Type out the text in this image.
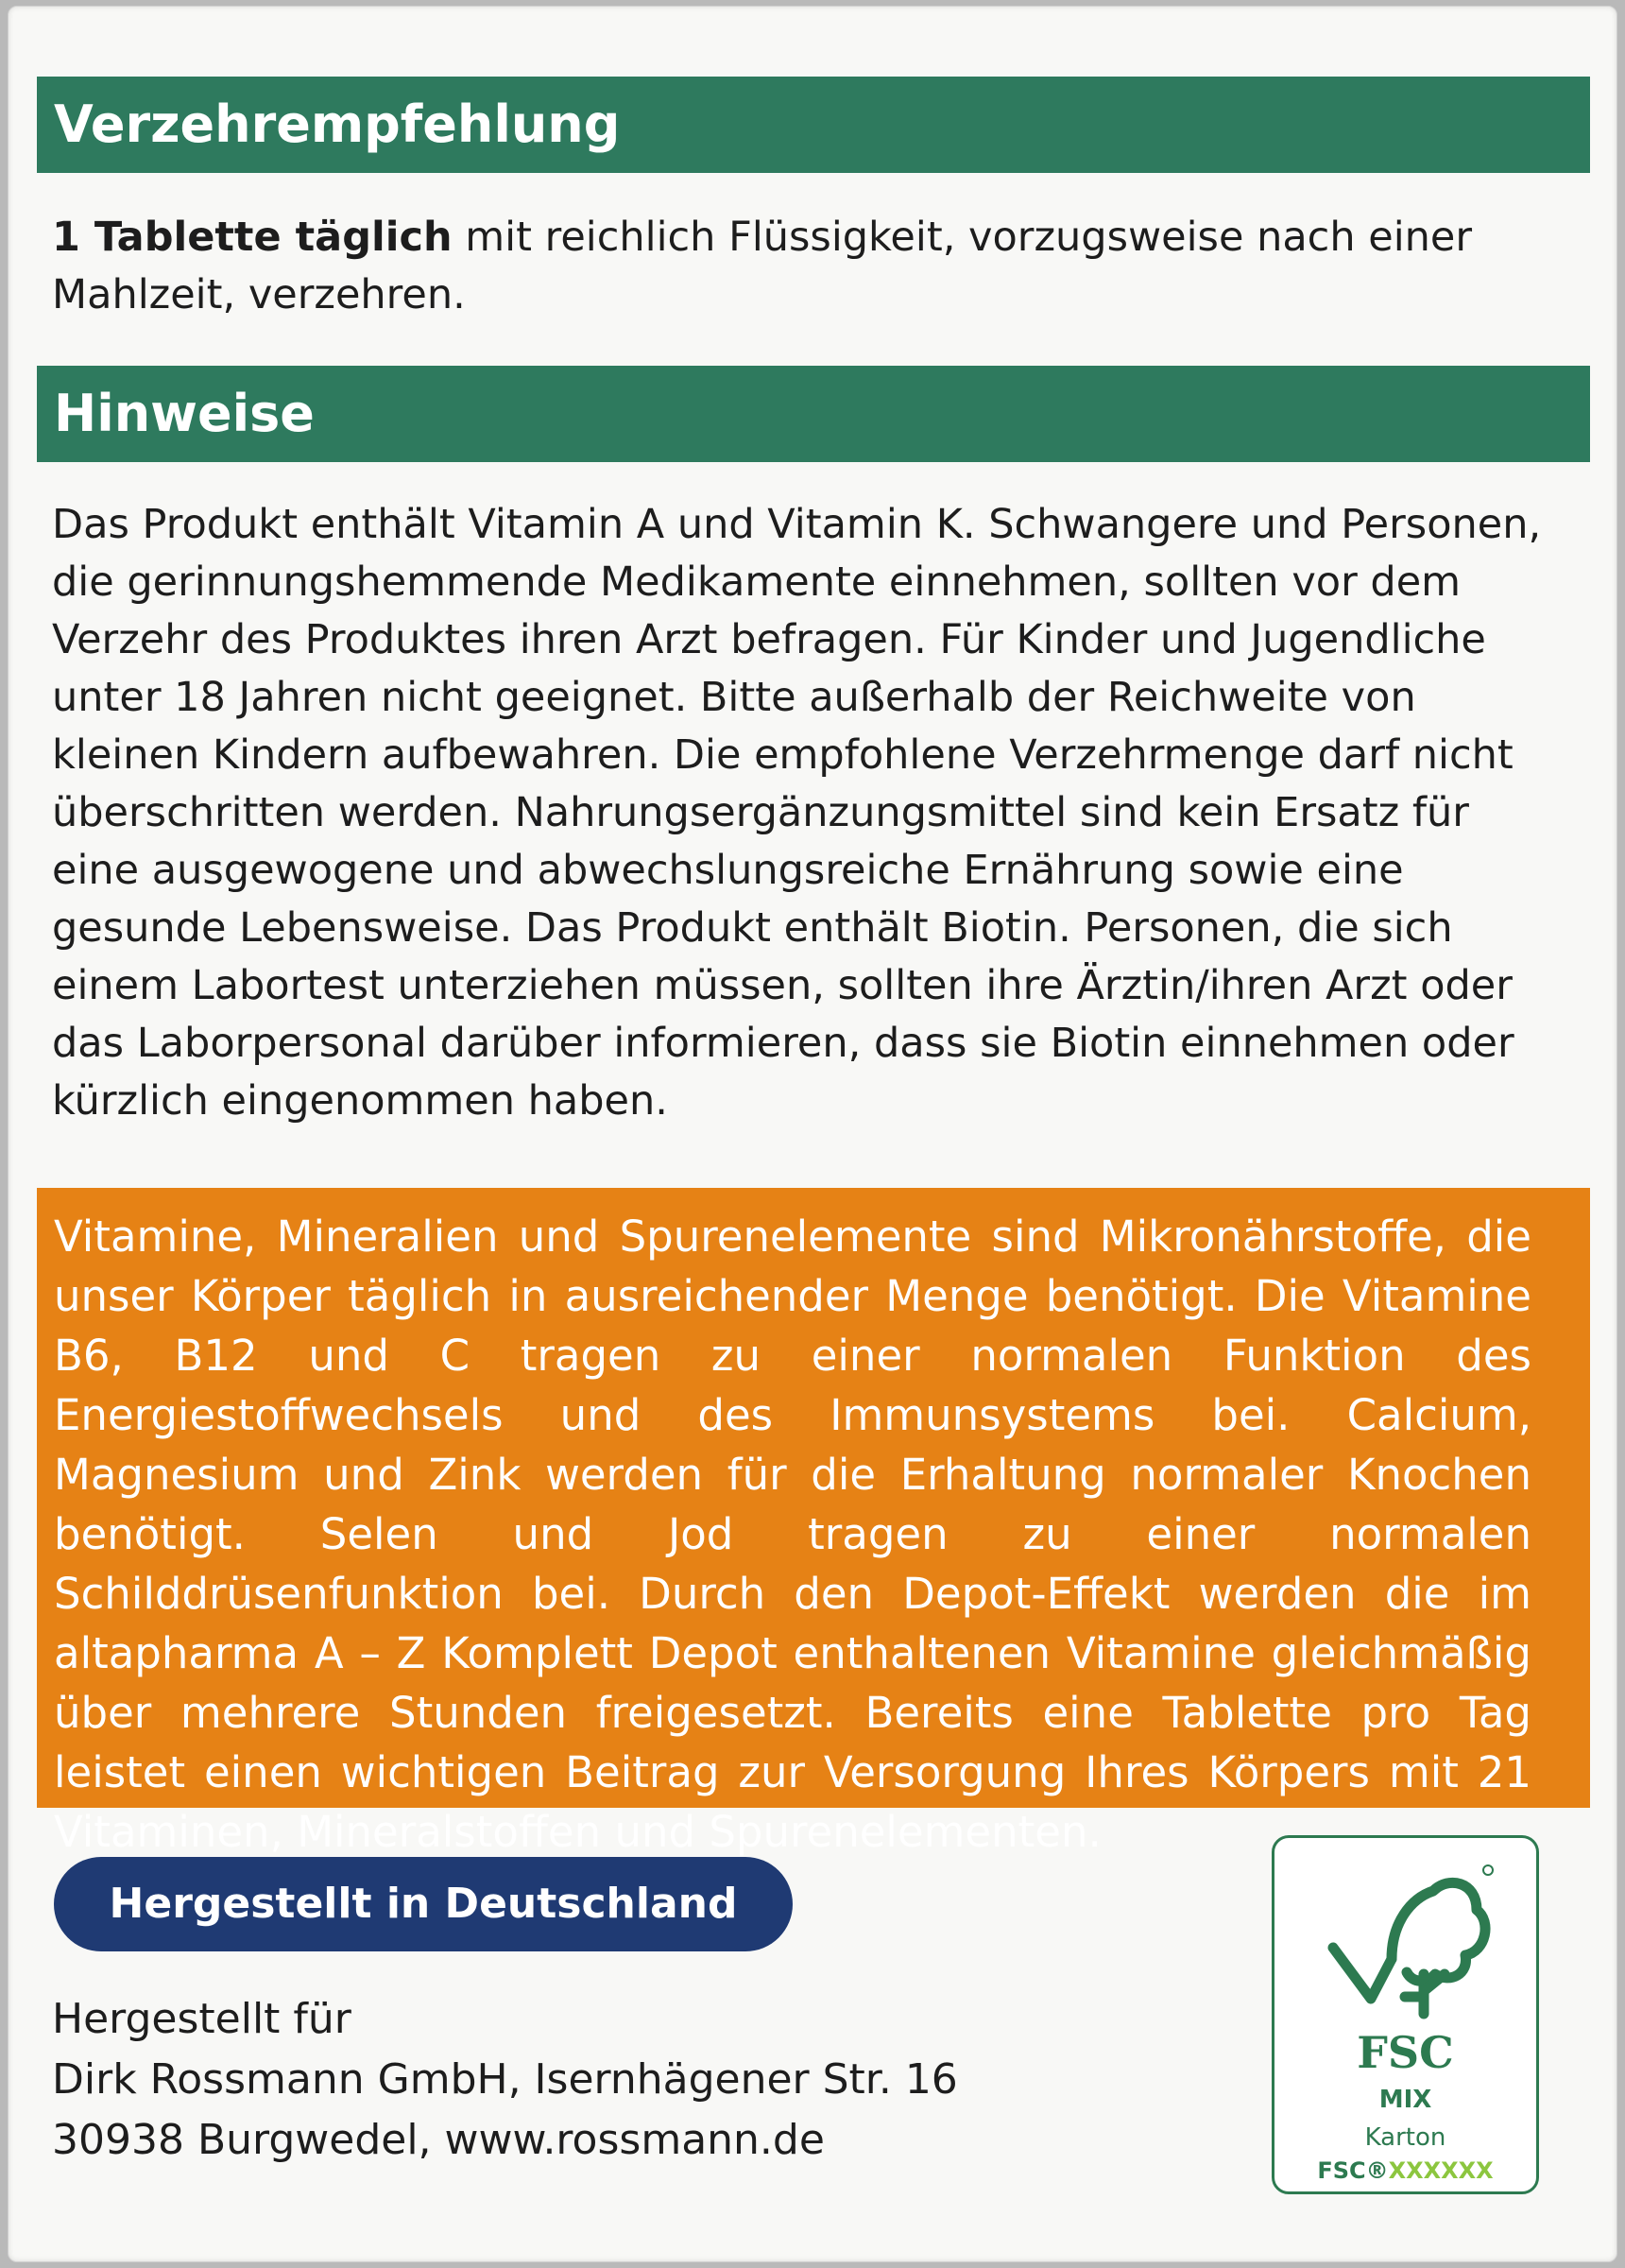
Verzehrempfehlung

1 Tablette täglich mit reichlich Flüssigkeit, vorzugsweise nach einer Mahlzeit, verzehren.

Hinweise

Das Produkt enthält Vitamin A und Vitamin K. Schwangere und Personen, die gerinnungshemmende Medikamente einnehmen, sollten vor dem Verzehr des Produktes ihren Arzt befragen. Für Kinder und Jugendliche unter 18 Jahren nicht geeignet. Bitte außerhalb der Reichweite von kleinen Kindern aufbewahren. Die empfohlene Verzehrmenge darf nicht überschritten werden. Nahrungsergänzungsmittel sind kein Ersatz für eine ausgewogene und abwechslungsreiche Ernährung sowie eine gesunde Lebensweise. Das Produkt enthält Biotin. Personen, die sich einem Labortest unterziehen müssen, sollten ihre Ärztin/ihren Arzt oder das Laborpersonal darüber informieren, dass sie Biotin einnehmen oder kürzlich eingenommen haben.

Vitamine, Mineralien und Spurenelemente sind Mikronährstoffe, die unser Körper täglich in ausreichender Menge benötigt. Die Vitamine B6, B12 und C tragen zu einer normalen Funktion des Energiestoffwechsels und des Immunsystems bei. Calcium, Magnesium und Zink werden für die Erhaltung normaler Knochen benötigt. Selen und Jod tragen zu einer normalen Schilddrüsenfunktion bei. Durch den Depot-Effekt werden die im altapharma A – Z Komplett Depot enthaltenen Vitamine gleichmäßig über mehrere Stunden freigesetzt. Bereits eine Tablette pro Tag leistet einen wichtigen Beitrag zur Versorgung Ihres Körpers mit 21 Vitaminen, Mineralstoffen und Spurenelementen.

Hergestellt in Deutschland
Hergestellt für
Dirk Rossmann GmbH, Isernhägener Str. 16
30938 Burgwedel, www.rossmann.de
FSC
MIX
Karton
FSC®XXXXXX
